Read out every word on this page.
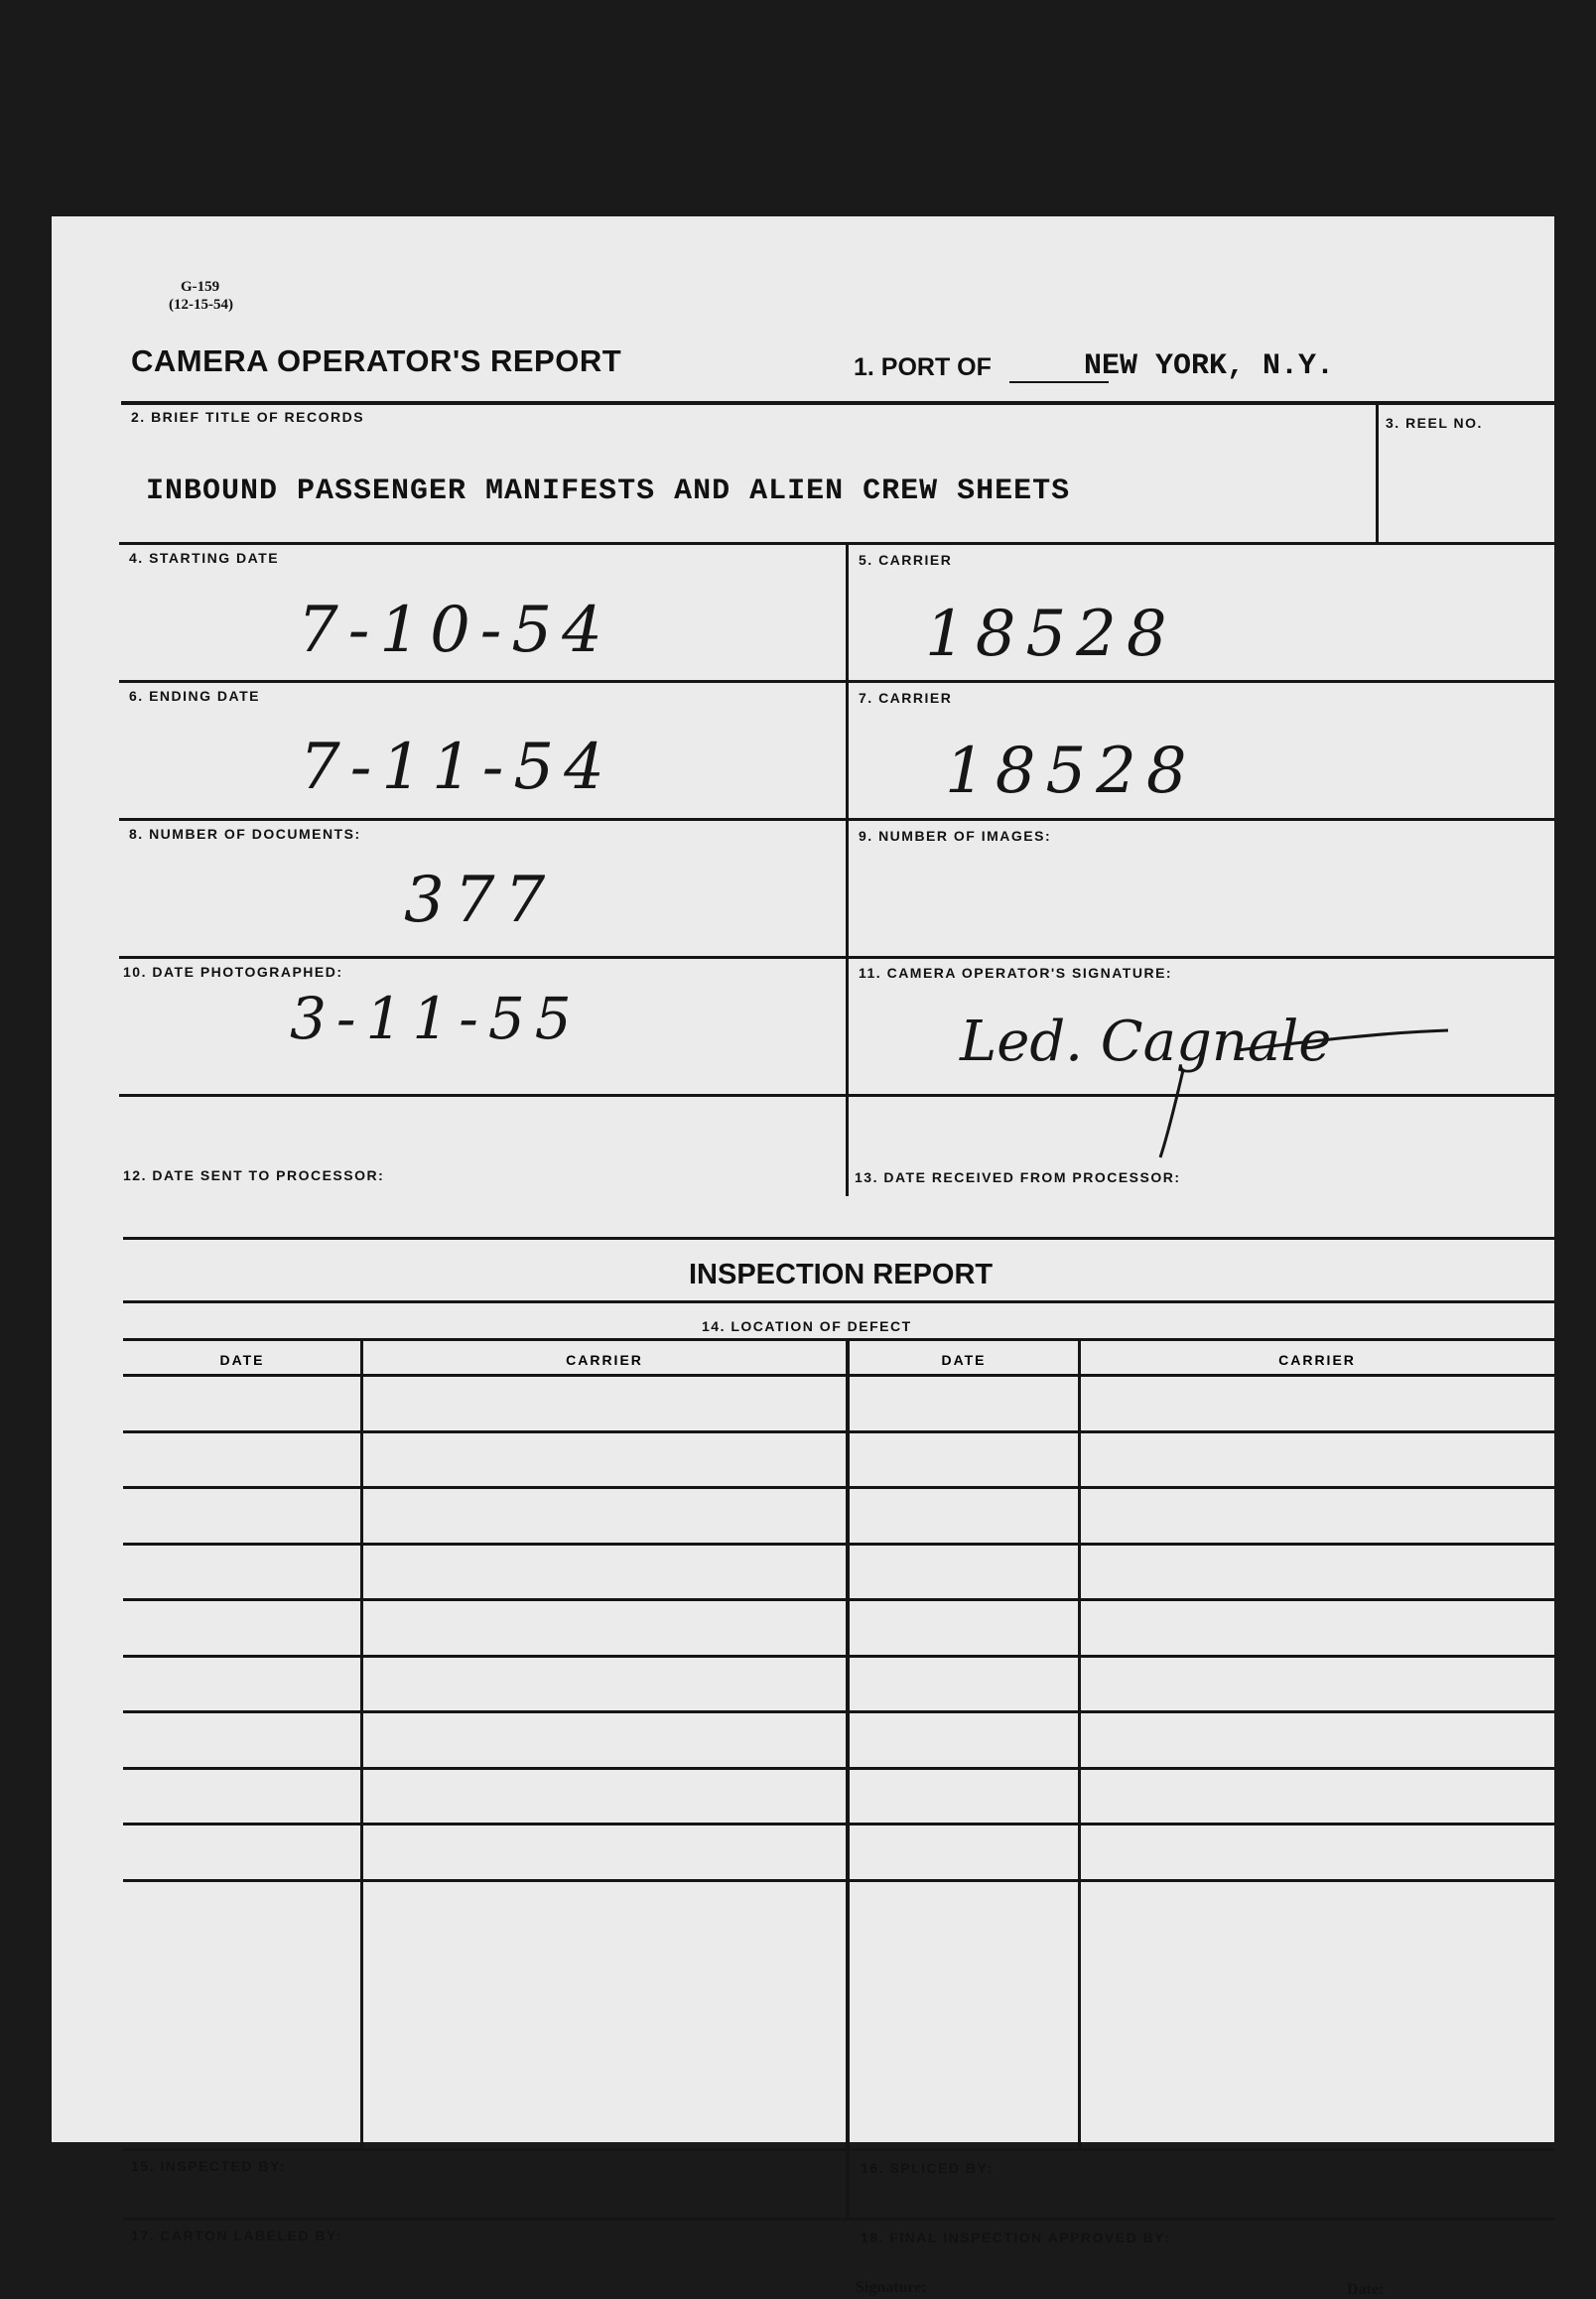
G-159
(12-15-54)
CAMERA OPERATOR'S REPORT	1. PORT OF	NEW YORK, N.Y.
2. BRIEF TITLE OF RECORDS
INBOUND PASSENGER MANIFESTS AND ALIEN CREW SHEETS
3. REEL NO.
4. STARTING DATE
7-10-54
5. CARRIER
18528
6. ENDING DATE
7-11-54
7. CARRIER
18528
8. NUMBER OF DOCUMENTS:
377
9. NUMBER OF IMAGES:
10. DATE PHOTOGRAPHED:
3-11-55
11. CAMERA OPERATOR'S SIGNATURE:
Led. Cagnale
12. DATE SENT TO PROCESSOR:	13. DATE RECEIVED FROM PROCESSOR:
INSPECTION REPORT
14. LOCATION OF DEFECT
DATE	CARRIER	DATE	CARRIER
15. INSPECTED BY:	16. SPLICED BY:
17. CARTON LABELED BY:	18. FINAL INSPECTION APPROVED BY:
Signature:	Date:
